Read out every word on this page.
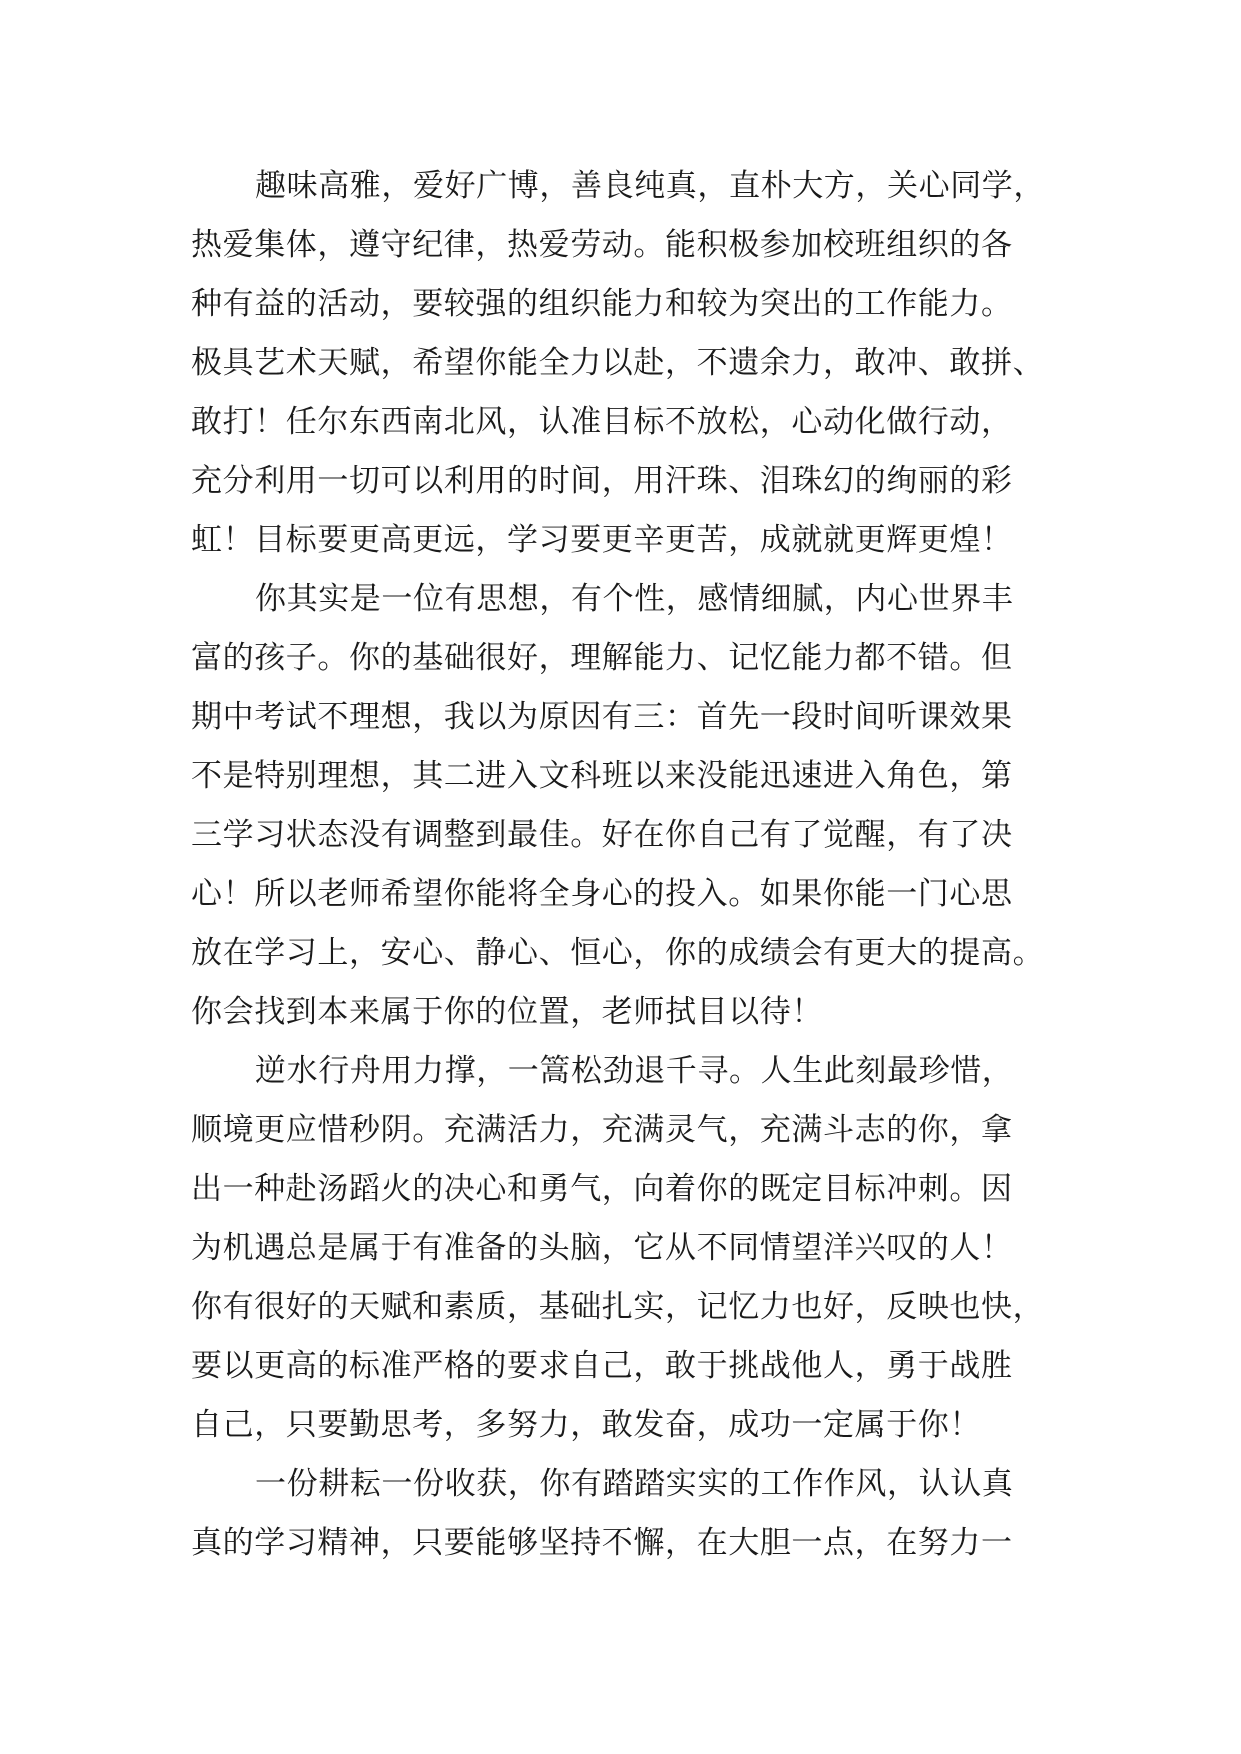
趣味高雅，爱好广博，善良纯真，直朴大方，关心同学，
热爱集体，遵守纪律，热爱劳动。能积极参加校班组织的各
种有益的活动，要较强的组织能力和较为突出的工作能力。
极具艺术天赋，希望你能全力以赴，不遗余力，敢冲、敢拼、
敢打！任尔东西南北风，认准目标不放松，心动化做行动，
充分利用一切可以利用的时间，用汗珠、泪珠幻的绚丽的彩
虹！目标要更高更远，学习要更辛更苦，成就就更辉更煌！
你其实是一位有思想，有个性，感情细腻，内心世界丰
富的孩子。你的基础很好，理解能力、记忆能力都不错。但
期中考试不理想，我以为原因有三：首先一段时间听课效果
不是特别理想，其二进入文科班以来没能迅速进入角色，第
三学习状态没有调整到最佳。好在你自己有了觉醒，有了决
心！所以老师希望你能将全身心的投入。如果你能一门心思
放在学习上，安心、静心、恒心，你的成绩会有更大的提高。
你会找到本来属于你的位置，老师拭目以待！
逆水行舟用力撑，一篙松劲退千寻。人生此刻最珍惜，
顺境更应惜秒阴。充满活力，充满灵气，充满斗志的你，拿
出一种赴汤蹈火的决心和勇气，向着你的既定目标冲刺。因
为机遇总是属于有准备的头脑，它从不同情望洋兴叹的人！
你有很好的天赋和素质，基础扎实，记忆力也好，反映也快，
要以更高的标准严格的要求自己，敢于挑战他人，勇于战胜
自己，只要勤思考，多努力，敢发奋，成功一定属于你！
一份耕耘一份收获，你有踏踏实实的工作作风，认认真
真的学习精神，只要能够坚持不懈，在大胆一点，在努力一
